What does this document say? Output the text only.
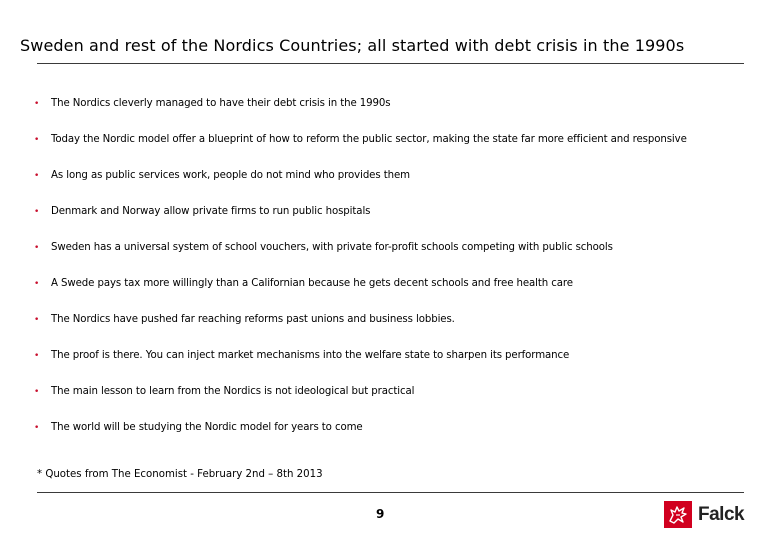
Sweden and rest of the Nordics Countries; all started with debt crisis in the 1990s
•	The Nordics cleverly managed to have their debt crisis in the 1990s
•	Today the Nordic model offer a blueprint of how to reform the public sector, making the state far more efficient and responsive
•	As long as public services work, people do not mind who provides them
•	Denmark and Norway allow private firms to run public hospitals
•	Sweden has a universal system of school vouchers, with private for-profit schools competing with public schools
•	A Swede pays tax more willingly than a Californian because he gets decent schools and free health care
•	The Nordics have pushed far reaching reforms past unions and business lobbies.
•	The proof is there. You can inject market mechanisms into the welfare state to sharpen its performance
•	The main lesson to learn from the Nordics is not ideological but practical
•	The world will be studying the Nordic model for years to come
* Quotes from The Economist - February 2nd – 8th 2013
9	Falck
